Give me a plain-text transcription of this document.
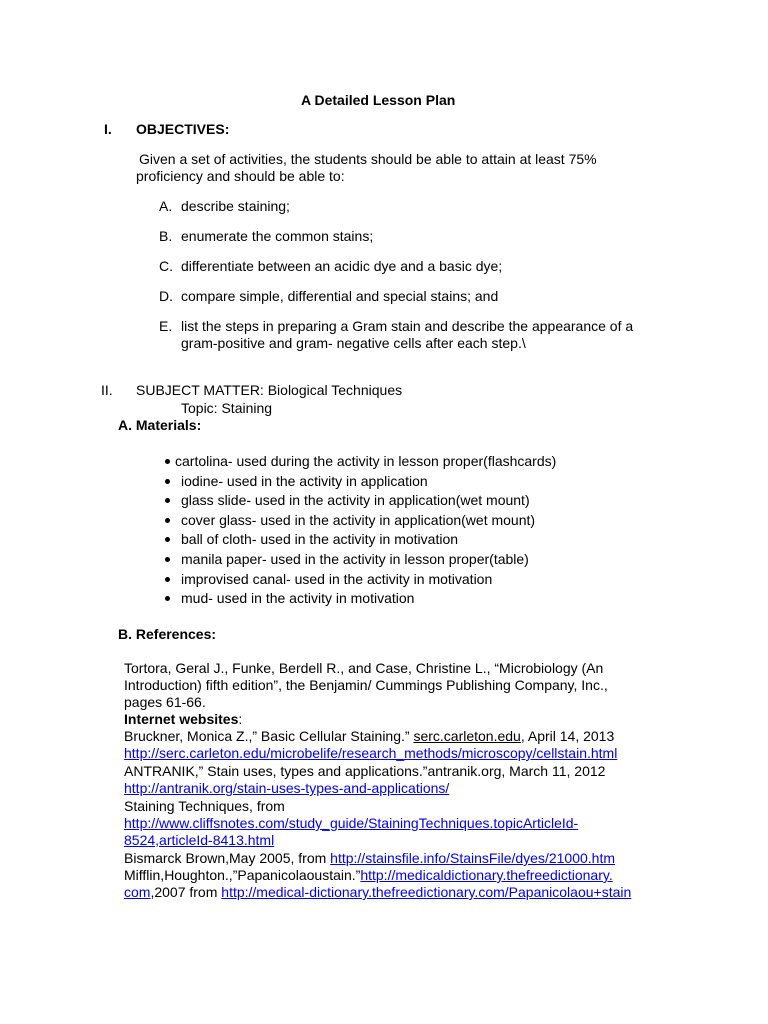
A Detailed Lesson Plan
I. OBJECTIVES:
Given a set of activities, the students should be able to attain at least 75%
proficiency and should be able to:
A. describe staining;
B. enumerate the common stains;
C. differentiate between an acidic dye and a basic dye;
D. compare simple, differential and special stains; and
E. list the steps in preparing a Gram stain and describe the appearance of a
gram-positive and gram- negative cells after each step.\
II. SUBJECT MATTER: Biological Techniques
Topic: Staining
A. Materials:
cartolina- used during the activity in lesson proper(flashcards)
iodine- used in the activity in application
glass slide- used in the activity in application(wet mount)
cover glass- used in the activity in application(wet mount)
ball of cloth- used in the activity in motivation
manila paper- used in the activity in lesson proper(table)
improvised canal- used in the activity in motivation
mud- used in the activity in motivation
B. References:
Tortora, Geral J., Funke, Berdell R., and Case, Christine L., “Microbiology (An
Introduction) fifth edition”, the Benjamin/ Cummings Publishing Company, Inc.,
pages 61-66.
Internet websites:
Bruckner, Monica Z.,” Basic Cellular Staining.” serc.carleton.edu, April 14, 2013
http://serc.carleton.edu/microbelife/research_methods/microscopy/cellstain.html
ANTRANIK,” Stain uses, types and applications.”antranik.org, March 11, 2012
http://antranik.org/stain-uses-types-and-applications/
Staining Techniques, from
http://www.cliffsnotes.com/study_guide/StainingTechniques.topicArticleId-
8524,articleId-8413.html
Bismarck Brown,May 2005, from http://stainsfile.info/StainsFile/dyes/21000.htm
Mifflin,Houghton.,”Papanicolaoustain.”http://medicaldictionary.thefreedictionary.
com,2007 from http://medical-dictionary.thefreedictionary.com/Papanicolaou+stain
